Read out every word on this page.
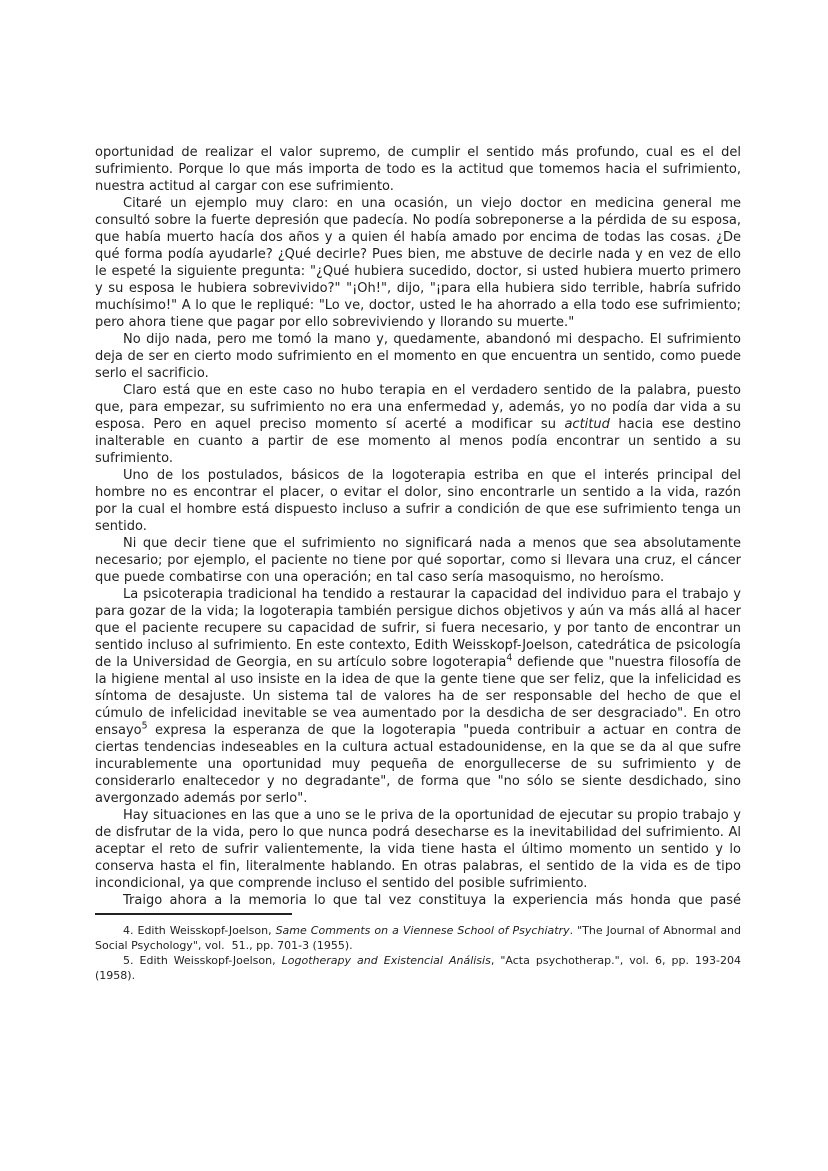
oportunidad de realizar el valor supremo, de cumplir el sentido más profundo, cual es el del sufrimiento. Porque lo que más importa de todo es la actitud que tomemos hacia el sufrimiento, nuestra actitud al cargar con ese sufrimiento.

Citaré un ejemplo muy claro: en una ocasión, un viejo doctor en medicina general me consultó sobre la fuerte depresión que padecía. No podía sobreponerse a la pérdida de su esposa, que había muerto hacía dos años y a quien él había amado por encima de todas las cosas. ¿De qué forma podía ayudarle? ¿Qué decirle? Pues bien, me abstuve de decirle nada y en vez de ello le espeté la siguiente pregunta: "¿Qué hubiera sucedido, doctor, si usted hubiera muerto primero y su esposa le hubiera sobrevivido?" "¡Oh!", dijo, "¡para ella hubiera sido terrible, habría sufrido muchísimo!" A lo que le repliqué: "Lo ve, doctor, usted le ha ahorrado a ella todo ese sufrimiento; pero ahora tiene que pagar por ello sobreviviendo y llorando su muerte."

No dijo nada, pero me tomó la mano y, quedamente, abandonó mi despacho. El sufrimiento deja de ser en cierto modo sufrimiento en el momento en que encuentra un sentido, como puede serlo el sacrificio.

Claro está que en este caso no hubo terapia en el verdadero sentido de la palabra, puesto que, para empezar, su sufrimiento no era una enfermedad y, además, yo no podía dar vida a su esposa. Pero en aquel preciso momento sí acerté a modificar su actitud hacia ese destino inalterable en cuanto a partir de ese momento al menos podía encontrar un sentido a su sufrimiento.

Uno de los postulados, básicos de la logoterapia estriba en que el interés principal del hombre no es encontrar el placer, o evitar el dolor, sino encontrarle un sentido a la vida, razón por la cual el hombre está dispuesto incluso a sufrir a condición de que ese sufrimiento tenga un sentido.

Ni que decir tiene que el sufrimiento no significará nada a menos que sea absolutamente necesario; por ejemplo, el paciente no tiene por qué soportar, como si llevara una cruz, el cáncer que puede combatirse con una operación; en tal caso sería masoquismo, no heroísmo.

La psicoterapia tradicional ha tendido a restaurar la capacidad del individuo para el trabajo y para gozar de la vida; la logoterapia también persigue dichos objetivos y aún va más allá al hacer que el paciente recupere su capacidad de sufrir, si fuera necesario, y por tanto de encontrar un sentido incluso al sufrimiento. En este contexto, Edith Weisskopf-Joelson, catedrática de psicología de la Universidad de Georgia, en su artículo sobre logoterapia$^4$ defiende que "nuestra filosofía de la higiene mental al uso insiste en la idea de que la gente tiene que ser feliz, que la infelicidad es síntoma de desajuste. Un sistema tal de valores ha de ser responsable del hecho de que el cúmulo de infelicidad inevitable se vea aumentado por la desdicha de ser desgraciado". En otro ensayo$^5$ expresa la esperanza de que la logoterapia "pueda contribuir a actuar en contra de ciertas tendencias indeseables en la cultura actual estadounidense, en la que se da al que sufre incurablemente una oportunidad muy pequeña de enorgullecerse de su sufrimiento y de considerarlo enaltecedor y no degradante", de forma que "no sólo se siente desdichado, sino avergonzado además por serlo".

Hay situaciones en las que a uno se le priva de la oportunidad de ejecutar su propio trabajo y de disfrutar de la vida, pero lo que nunca podrá desecharse es la inevitabilidad del sufrimiento. Al aceptar el reto de sufrir valientemente, la vida tiene hasta el último momento un sentido y lo conserva hasta el fin, literalmente hablando. En otras palabras, el sentido de la vida es de tipo incondicional, ya que comprende incluso el sentido del posible sufrimiento.

Traigo ahora a la memoria lo que tal vez constituya la experiencia más honda que pasé

4. Edith Weisskopf-Joelson, Same Comments on a Viennese School of Psychiatry. "The Journal of Abnormal and Social Psychology", vol.  51., pp. 701-3 (1955).

5. Edith Weisskopf-Joelson, Logotherapy and Existencial Análisis, "Acta psychotherap.", vol. 6, pp. 193-204 (1958).
